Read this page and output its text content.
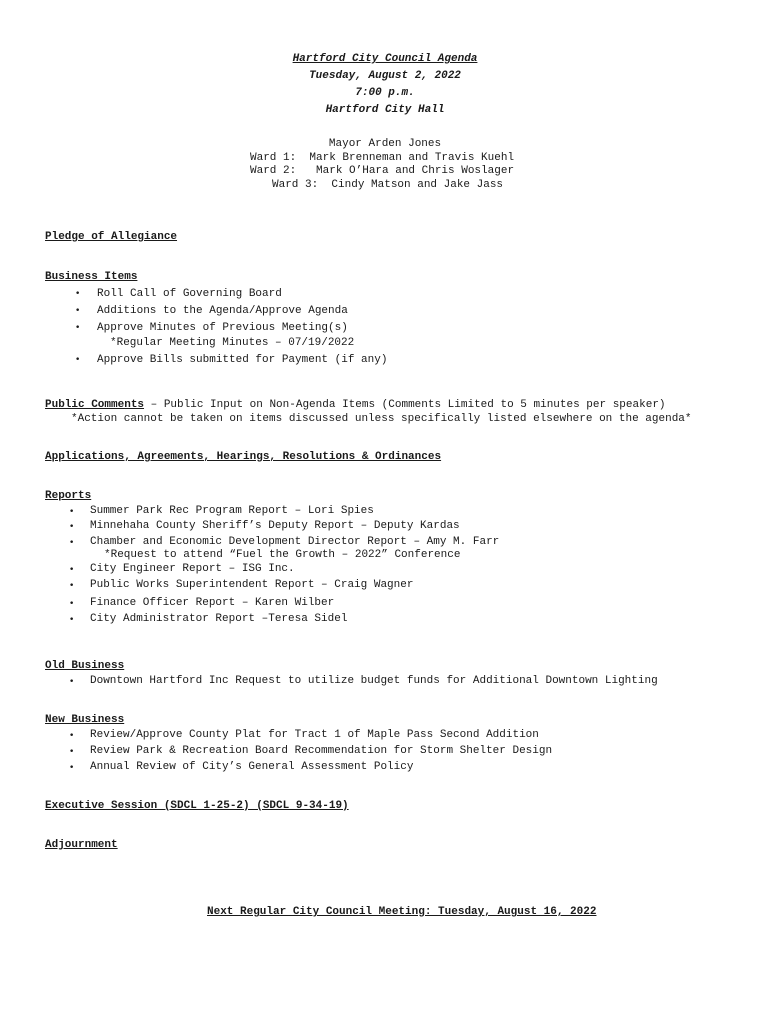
Hartford City Council Agenda
Tuesday, August 2, 2022
7:00 p.m.
Hartford City Hall
Mayor Arden Jones
Ward 1:  Mark Brenneman and Travis Kuehl
Ward 2:   Mark O’Hara and Chris Woslager
Ward 3:  Cindy Matson and Jake Jass
Pledge of Allegiance
Business Items
• Roll Call of Governing Board
• Additions to the Agenda/Approve Agenda
• Approve Minutes of Previous Meeting(s)
*Regular Meeting Minutes – 07/19/2022
• Approve Bills submitted for Payment (if any)
Public Comments – Public Input on Non-Agenda Items (Comments Limited to 5 minutes per speaker)
*Action cannot be taken on items discussed unless specifically listed elsewhere on the agenda*
Applications, Agreements, Hearings, Resolutions & Ordinances
Reports
• Summer Park Rec Program Report – Lori Spies
• Minnehaha County Sheriff’s Deputy Report – Deputy Kardas
• Chamber and Economic Development Director Report – Amy M. Farr
*Request to attend “Fuel the Growth – 2022” Conference
• City Engineer Report – ISG Inc.
• Public Works Superintendent Report – Craig Wagner
• Finance Officer Report – Karen Wilber
• City Administrator Report –Teresa Sidel
Old Business
• Downtown Hartford Inc Request to utilize budget funds for Additional Downtown Lighting
New Business
• Review/Approve County Plat for Tract 1 of Maple Pass Second Addition
• Review Park & Recreation Board Recommendation for Storm Shelter Design
• Annual Review of City’s General Assessment Policy
Executive Session (SDCL 1-25-2) (SDCL 9-34-19)
Adjournment
Next Regular City Council Meeting: Tuesday, August 16, 2022
